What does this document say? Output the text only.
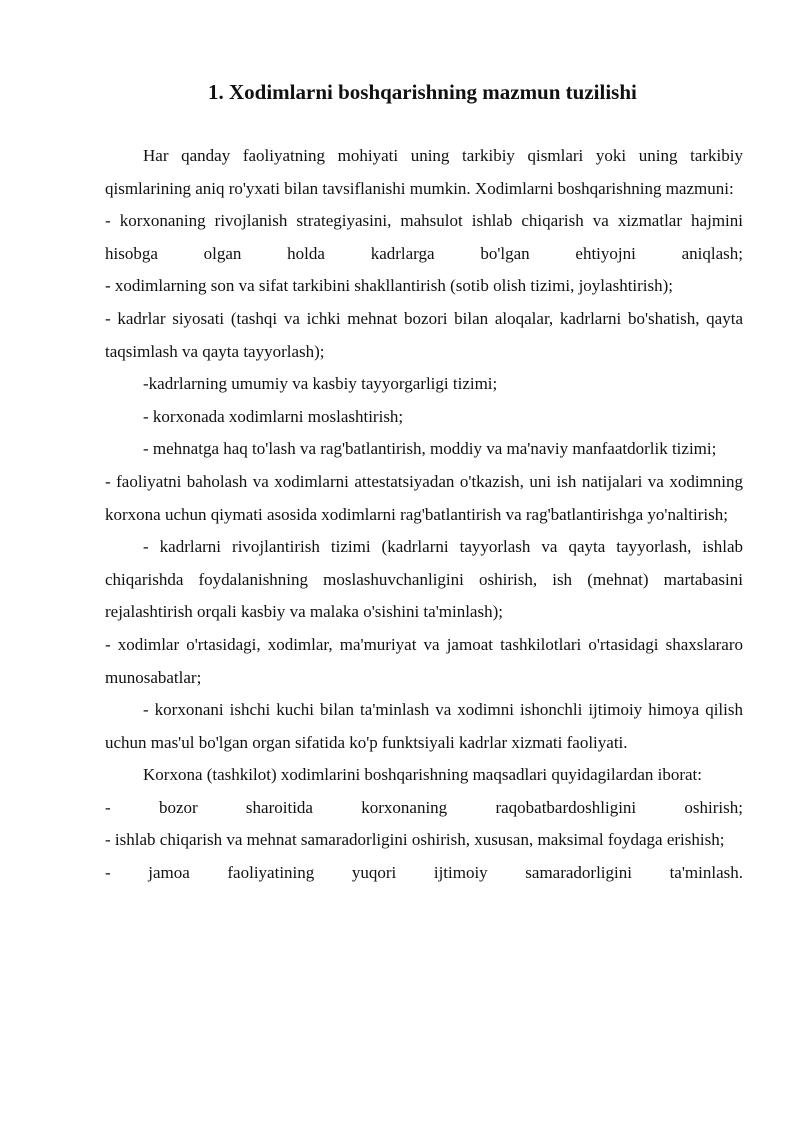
1. Xodimlarni boshqarishning mazmun tuzilishi

Har qanday faoliyatning mohiyati uning tarkibiy qismlari yoki uning tarkibiy qismlarining aniq ro'yxati bilan tavsiflanishi mumkin. Xodimlarni boshqarishning mazmuni:

- korxonaning rivojlanish strategiyasini, mahsulot ishlab chiqarish va xizmatlar hajmini hisobga olgan holda kadrlarga bo'lgan ehtiyojni aniqlash;

- xodimlarning son va sifat tarkibini shakllantirish (sotib olish tizimi, joylashtirish);

- kadrlar siyosati (tashqi va ichki mehnat bozori bilan aloqalar, kadrlarni bo'shatish, qayta taqsimlash va qayta tayyorlash);

-kadrlarning umumiy va kasbiy tayyorgarligi tizimi;

- korxonada xodimlarni moslashtirish;

- mehnatga haq to'lash va rag'batlantirish, moddiy va ma'naviy manfaatdorlik tizimi;

- faoliyatni baholash va xodimlarni attestatsiyadan o'tkazish, uni ish natijalari va xodimning korxona uchun qiymati asosida xodimlarni rag'batlantirish va rag'batlantirishga yo'naltirish;

- kadrlarni rivojlantirish tizimi (kadrlarni tayyorlash va qayta tayyorlash, ishlab chiqarishda foydalanishning moslashuvchanligini oshirish, ish (mehnat) martabasini rejalashtirish orqali kasbiy va malaka o'sishini ta'minlash);

- xodimlar o'rtasidagi, xodimlar, ma'muriyat va jamoat tashkilotlari o'rtasidagi shaxslararo munosabatlar;

- korxonani ishchi kuchi bilan ta'minlash va xodimni ishonchli ijtimoiy himoya qilish uchun mas'ul bo'lgan organ sifatida ko'p funktsiyali kadrlar xizmati faoliyati.

Korxona (tashkilot) xodimlarini boshqarishning maqsadlari quyidagilardan iborat:

- bozor sharoitida korxonaning raqobatbardoshligini oshirish;

- ishlab chiqarish va mehnat samaradorligini oshirish, xususan, maksimal foydaga erishish;

- jamoa faoliyatining yuqori ijtimoiy samaradorligini ta'minlash.
